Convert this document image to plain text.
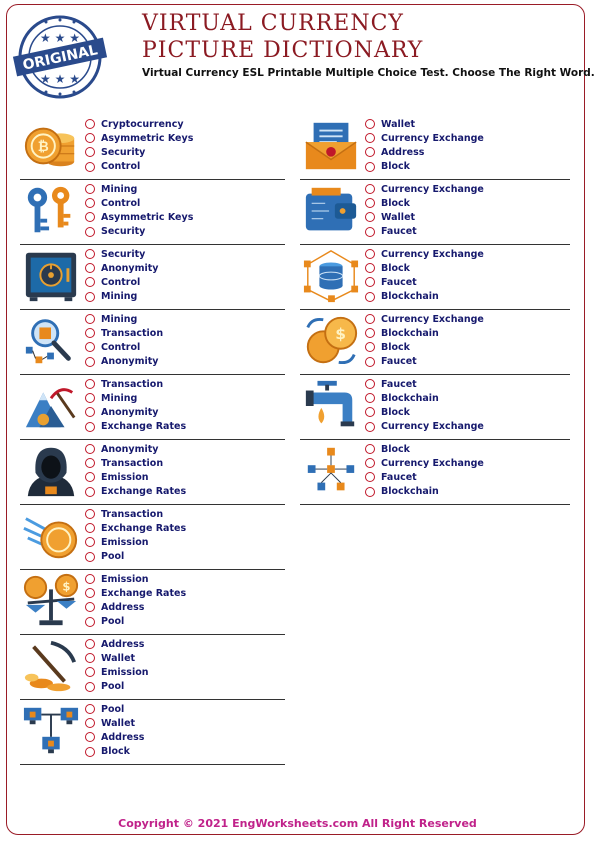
★ ★ ★
ORIGINAL
★ ★ ★
VIRTUAL CURRENCY
PICTURE DICTIONARY
Virtual Currency ESL Printable Multiple Choice Test. Choose The Right Word.
₿
Cryptocurrency
Asymmetric Keys
Security
Control
Mining
Control
Asymmetric Keys
Security
Security
Anonymity
Control
Mining
Mining
Transaction
Control
Anonymity
Transaction
Mining
Anonymity
Exchange Rates
Anonymity
Transaction
Emission
Exchange Rates
Transaction
Exchange Rates
Emission
Pool
$
Emission
Exchange Rates
Address
Pool
Address
Wallet
Emission
Pool
Pool
Wallet
Address
Block
Wallet
Currency Exchange
Address
Block
Currency Exchange
Block
Wallet
Faucet
Currency Exchange
Block
Faucet
Blockchain
$
Currency Exchange
Blockchain
Block
Faucet
Faucet
Blockchain
Block
Currency Exchange
Block
Currency Exchange
Faucet
Blockchain
Copyright © 2021 EngWorksheets.com All Right Reserved
